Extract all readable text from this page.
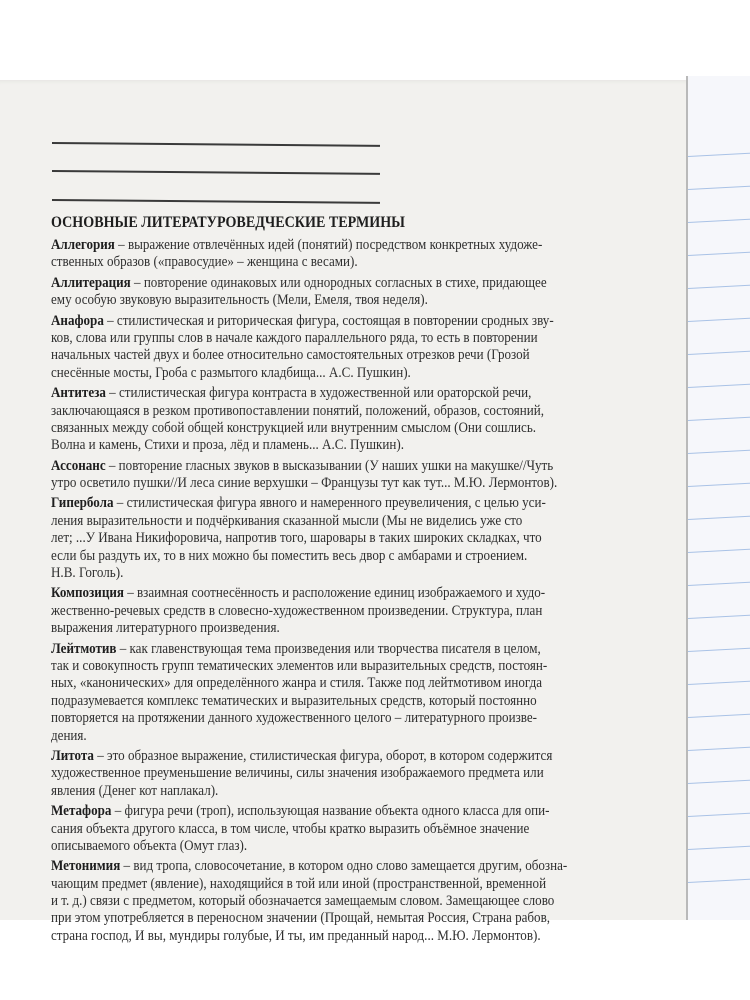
ОСНОВНЫЕ ЛИТЕРАТУРОВЕДЧЕСКИЕ ТЕРМИНЫ
Аллегория – выражение отвлечённых идей (понятий) посредством конкретных художе-
ственных образов («правосудие» – женщина с весами).
Аллитерация – повторение одинаковых или однородных согласных в стихе, придающее
ему особую звуковую выразительность (Мели, Емеля, твоя неделя).
Анафора – стилистическая и риторическая фигура, состоящая в повторении сродных зву-
ков, слова или группы слов в начале каждого параллельного ряда, то есть в повторении
начальных частей двух и более относительно самостоятельных отрезков речи (Грозой
снесённые мосты, Гроба с размытого кладбища... А.С. Пушкин).
Антитеза – стилистическая фигура контраста в художественной или ораторской речи,
заключающаяся в резком противопоставлении понятий, положений, образов, состояний,
связанных между собой общей конструкцией или внутренним смыслом (Они сошлись.
Волна и камень, Стихи и проза, лёд и пламень... А.С. Пушкин).
Ассонанс – повторение гласных звуков в высказывании (У наших ушки на макушке//Чуть
утро осветило пушки//И леса синие верхушки – Французы тут как тут... М.Ю. Лермонтов).
Гипербола – стилистическая фигура явного и намеренного преувеличения, с целью уси-
ления выразительности и подчёркивания сказанной мысли (Мы не виделись уже сто
лет; ...У Ивана Никифоровича, напротив того, шаровары в таких широких складках, что
если бы раздуть их, то в них можно бы поместить весь двор с амбарами и строением.
Н.В. Гоголь).
Композиция – взаимная соотнесённость и расположение единиц изображаемого и худо-
жественно-речевых средств в словесно-художественном произведении. Структура, план
выражения литературного произведения.
Лейтмотив – как главенствующая тема произведения или творчества писателя в целом,
так и совокупность групп тематических элементов или выразительных средств, постоян-
ных, «канонических» для определённого жанра и стиля. Также под лейтмотивом иногда
подразумевается комплекс тематических и выразительных средств, который постоянно
повторяется на протяжении данного художественного целого – литературного произве-
дения.
Литота – это образное выражение, стилистическая фигура, оборот, в котором содержится
художественное преуменьшение величины, силы значения изображаемого предмета или
явления (Денег кот наплакал).
Метафора – фигура речи (троп), использующая название объекта одного класса для опи-
сания объекта другого класса, в том числе, чтобы кратко выразить объёмное значение
описываемого объекта (Омут глаз).
Метонимия – вид тропа, словосочетание, в котором одно слово замещается другим, обозна-
чающим предмет (явление), находящийся в той или иной (пространственной, временной
и т. д.) связи с предметом, который обозначается замещаемым словом. Замещающее слово
при этом употребляется в переносном значении (Прощай, немытая Россия, Страна рабов,
страна господ, И вы, мундиры голубые, И ты, им преданный народ... М.Ю. Лермонтов).
